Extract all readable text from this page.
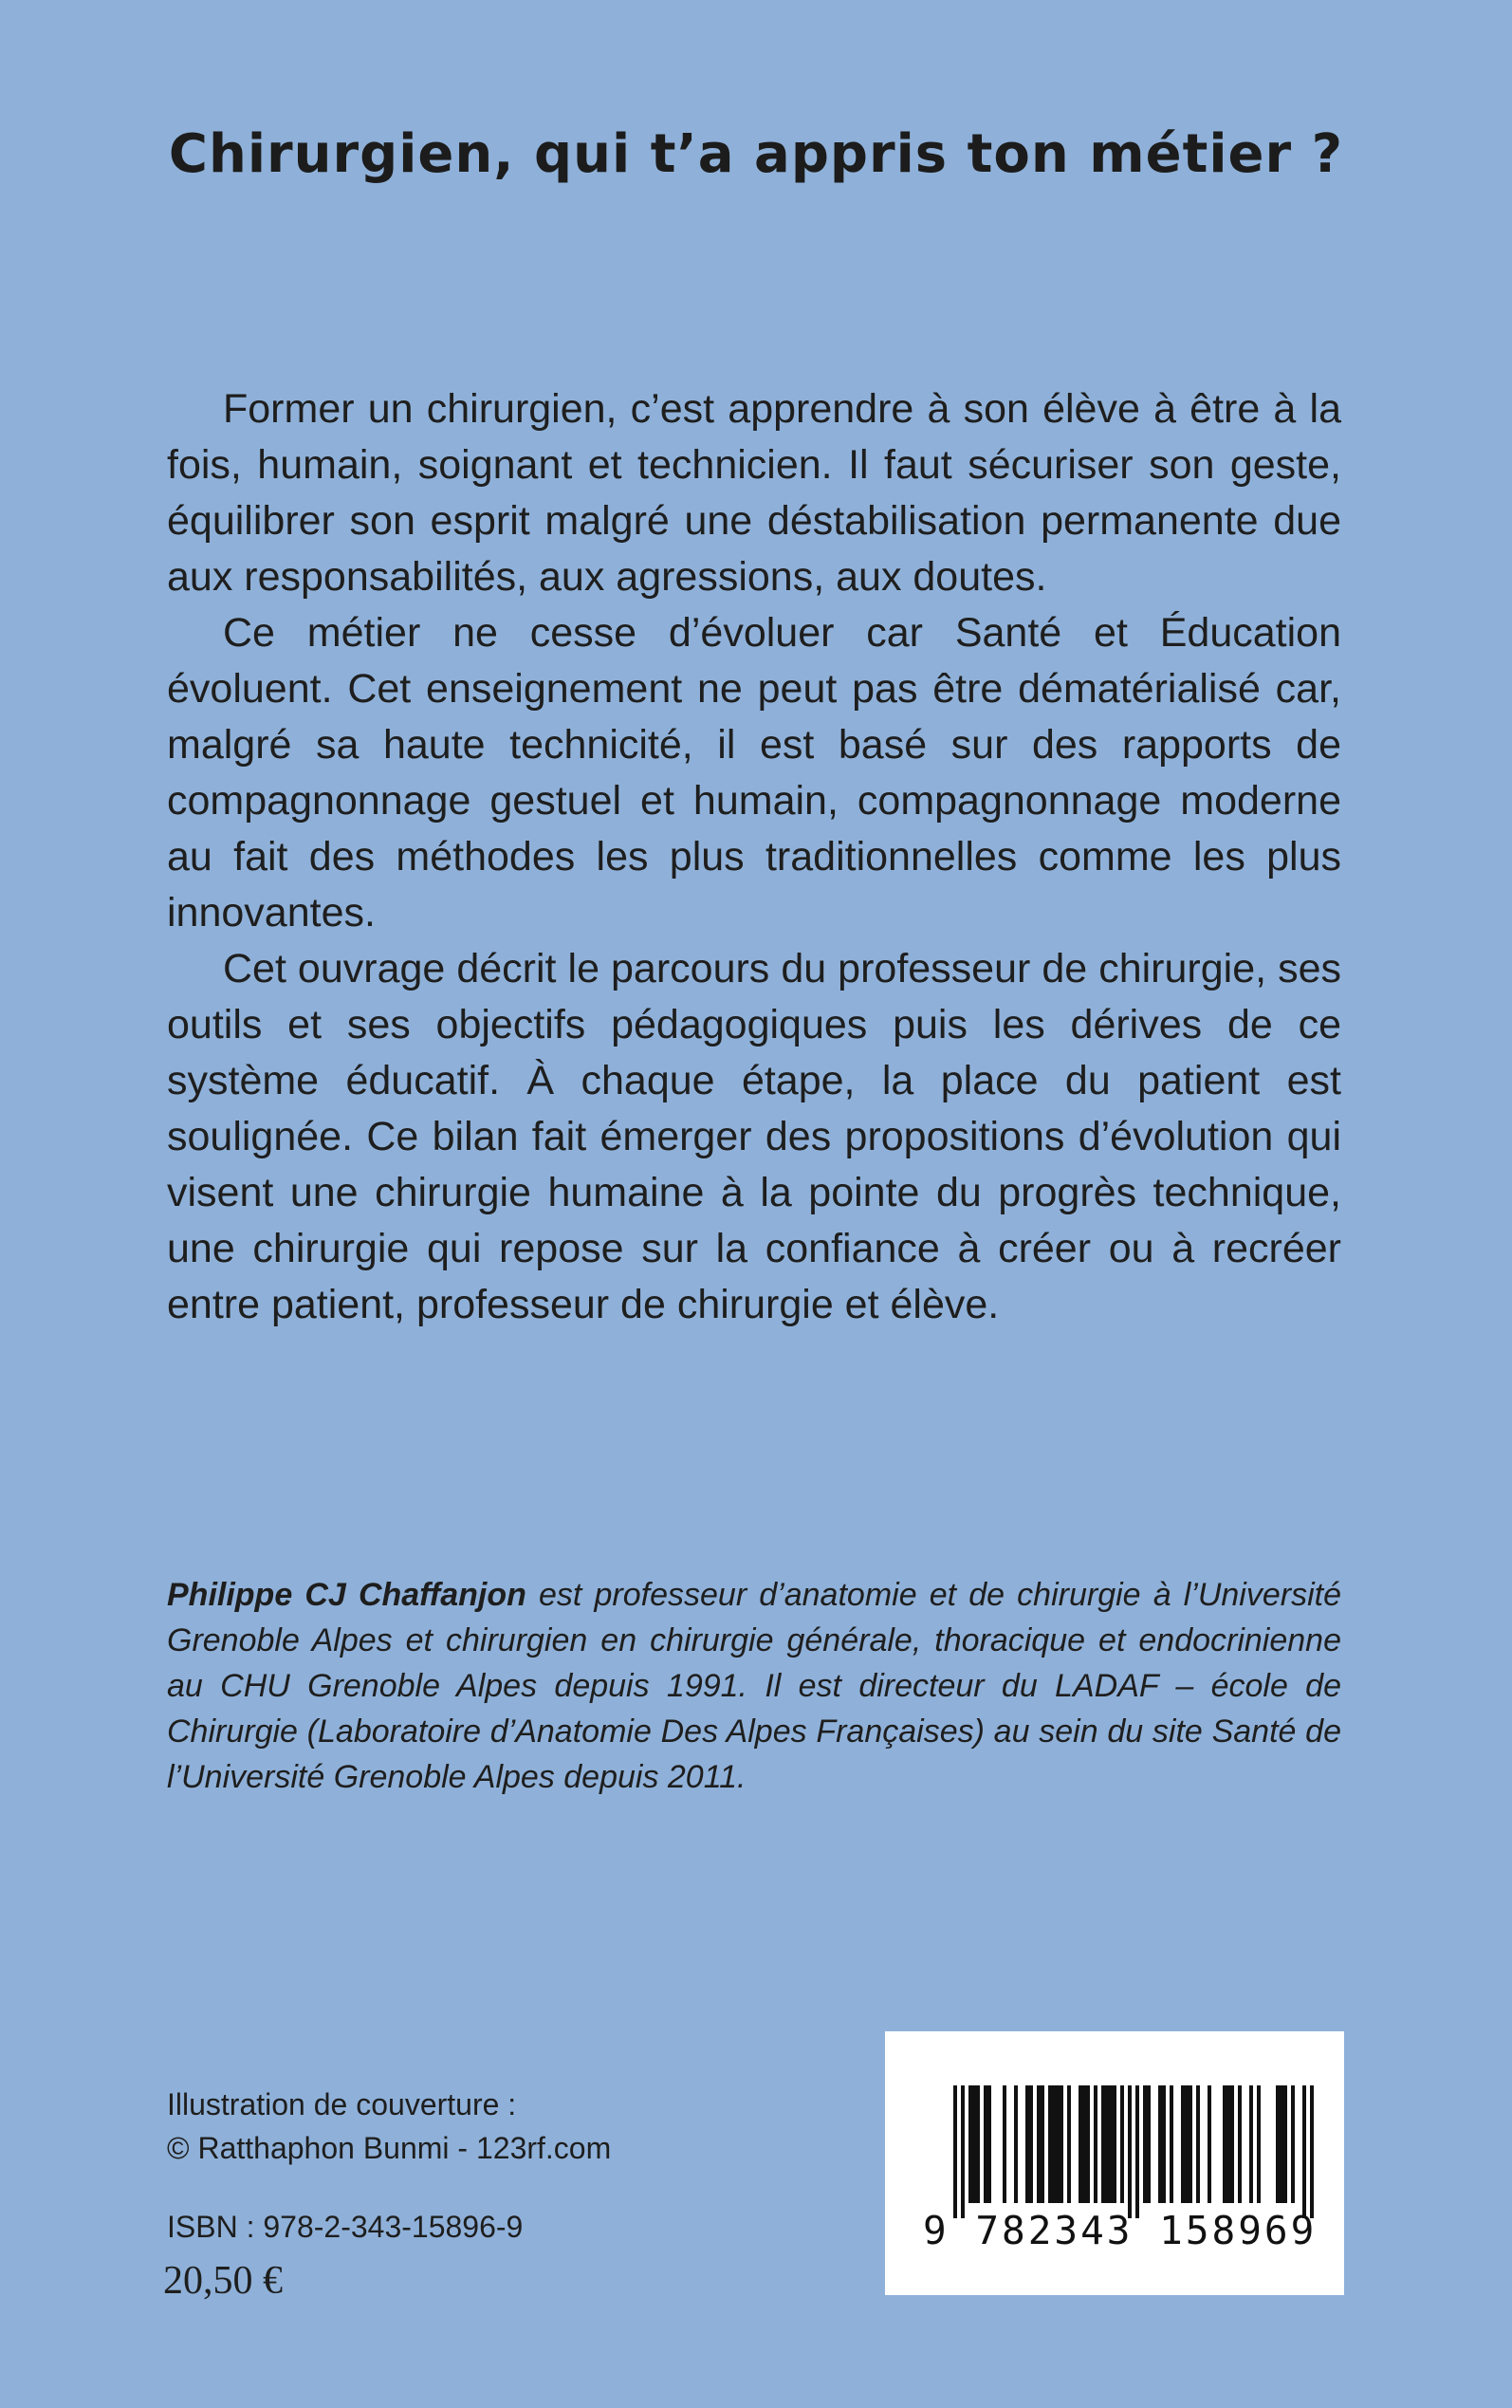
Chirurgien, qui t’a appris ton métier ?

Former un chirurgien, c’est apprendre à son élève à être à la fois, humain, soignant et technicien. Il faut sécuriser son geste, équilibrer son esprit malgré une déstabilisation permanente due aux responsabilités, aux agressions, aux doutes.

Ce métier ne cesse d’évoluer car Santé et Éducation évoluent. Cet enseignement ne peut pas être dématérialisé car, malgré sa haute technicité, il est basé sur des rapports de compagnonnage gestuel et humain, compagnonnage moderne au fait des méthodes les plus traditionnelles comme les plus innovantes.

Cet ouvrage décrit le parcours du professeur de chirurgie, ses outils et ses objectifs pédagogiques puis les dérives de ce système éducatif. À chaque étape, la place du patient est soulignée. Ce bilan fait émerger des propositions d’évolution qui visent une chirurgie humaine à la pointe du progrès technique, une chirurgie qui repose sur la confiance à créer ou à recréer entre patient, professeur de chirurgie et élève.

Philippe CJ Chaffanjon est professeur d’anatomie et de chirurgie à l’Université Grenoble Alpes et chirurgien en chirurgie générale, thoracique et endocrinienne au CHU Grenoble Alpes depuis 1991. Il est directeur du LADAF – école de Chirurgie (Laboratoire d’Anatomie Des Alpes Françaises) au sein du site Santé de l’Université Grenoble Alpes depuis 2011.

Illustration de couverture :
© Ratthaphon Bunmi - 123rf.com
ISBN : 978-2-343-15896-9
20,50 €
9 782343 158969
